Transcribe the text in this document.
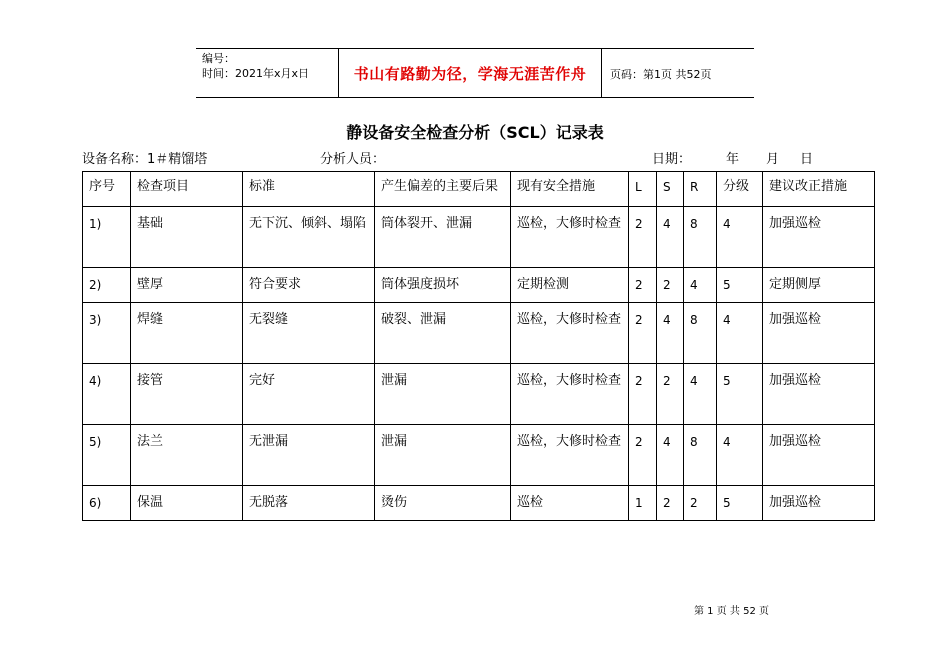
编号：
时间：2021年x月x日	书山有路勤为径，学海无涯苦作舟	页码：第1页 共52页
静设备安全检查分析（SCL）记录表
设备名称：1＃精馏塔	分析人员：	日期：	年 月 日
序号	检查项目	标准	产生偏差的主要后果	现有安全措施	L	S	R	分级	建议改正措施
1)	基础	无下沉、倾斜、塌陷	筒体裂开、泄漏	巡检，大修时检查	2	4	8	4	加强巡检
2)	壁厚	符合要求	筒体强度损坏	定期检测	2	2	4	5	定期侧厚
3)	焊缝	无裂缝	破裂、泄漏	巡检，大修时检查	2	4	8	4	加强巡检
4)	接管	完好	泄漏	巡检，大修时检查	2	2	4	5	加强巡检
5)	法兰	无泄漏	泄漏	巡检，大修时检查	2	4	8	4	加强巡检
6)	保温	无脱落	烫伤	巡检	1	2	2	5	加强巡检
第 1 页 共 52 页
